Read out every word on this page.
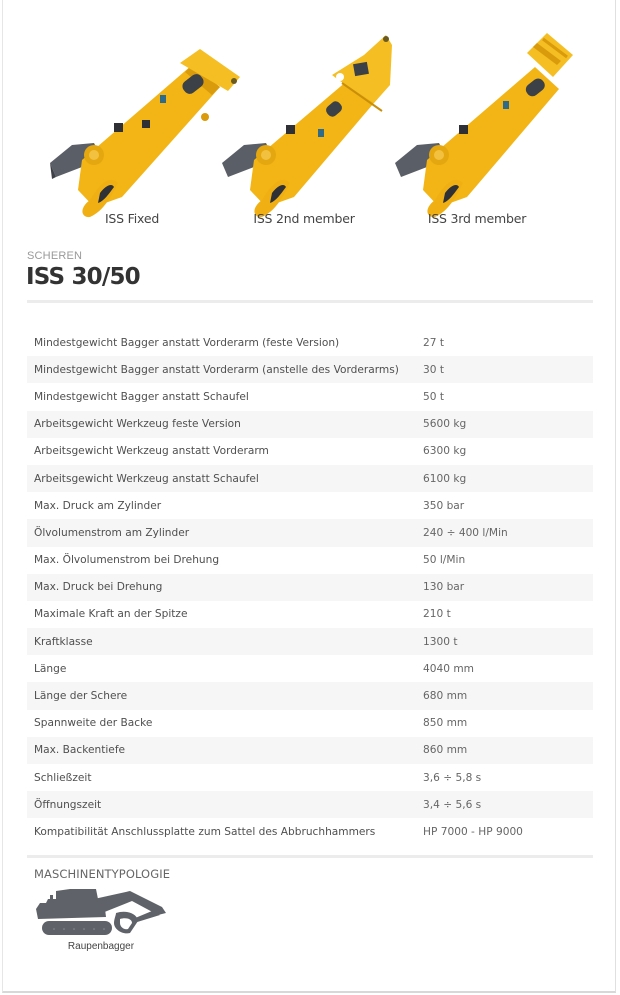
ISS Fixed	ISS 2nd member	ISS 3rd member
SCHEREN
ISS 30/50
Mindestgewicht Bagger anstatt Vorderarm (feste Version)	27 t
Mindestgewicht Bagger anstatt Vorderarm (anstelle des Vorderarms)	30 t
Mindestgewicht Bagger anstatt Schaufel	50 t
Arbeitsgewicht Werkzeug feste Version	5600 kg
Arbeitsgewicht Werkzeug anstatt Vorderarm	6300 kg
Arbeitsgewicht Werkzeug anstatt Schaufel	6100 kg
Max. Druck am Zylinder	350 bar
Ölvolumenstrom am Zylinder	240 ÷ 400 l/Min
Max. Ölvolumenstrom bei Drehung	50 l/Min
Max. Druck bei Drehung	130 bar
Maximale Kraft an der Spitze	210 t
Kraftklasse	1300 t
Länge	4040 mm
Länge der Schere	680 mm
Spannweite der Backe	850 mm
Max. Backentiefe	860 mm
Schließzeit	3,6 ÷ 5,8 s
Öffnungszeit	3,4 ÷ 5,6 s
Kompatibilität Anschlussplatte zum Sattel des Abbruchhammers	HP 7000 - HP 9000
MASCHINENTYPOLOGIE
Raupenbagger
